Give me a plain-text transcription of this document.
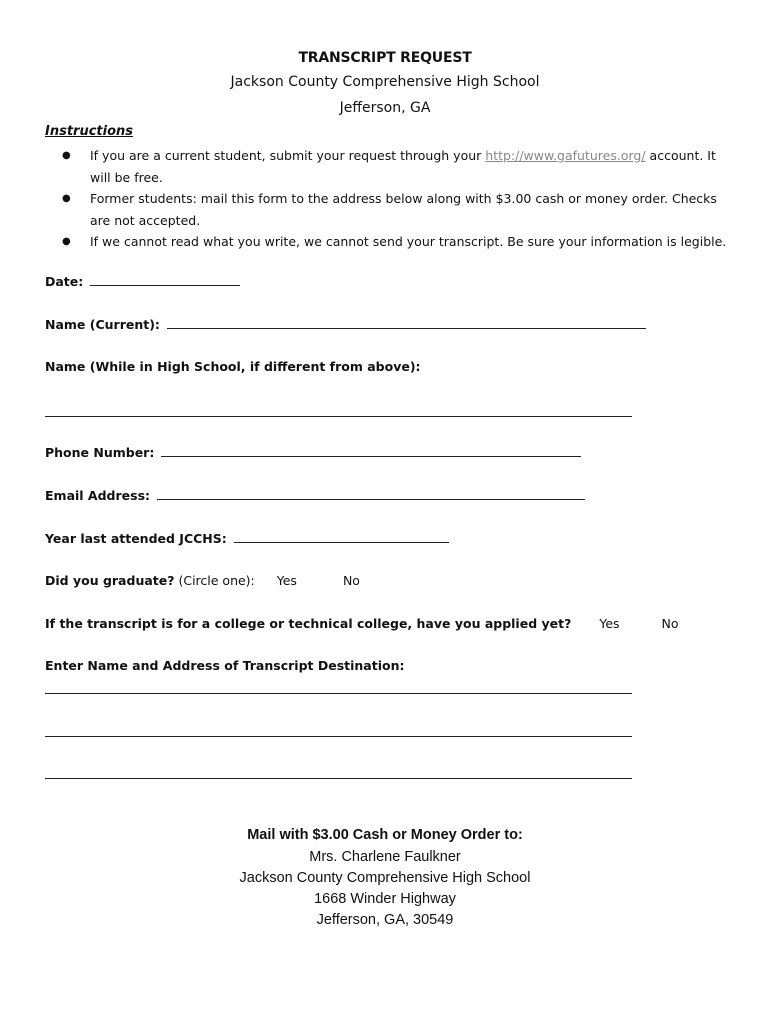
TRANSCRIPT REQUEST
Jackson County Comprehensive High School
Jefferson, GA
Instructions
● If you are a current student, submit your request through your http://www.gafutures.org/ account. It
will be free.
● Former students: mail this form to the address below along with $3.00 cash or money order. Checks
are not accepted.
● If we cannot read what you write, we cannot send your transcript. Be sure your information is legible.
Date:
Name (Current):
Name (While in High School, if different from above):
Phone Number:
Email Address:
Year last attended JCCHS:
Did you graduate? (Circle one): Yes	No
If the transcript is for a college or technical college, have you applied yet? Yes	No
Enter Name and Address of Transcript Destination:
Mail with $3.00 Cash or Money Order to:
Mrs. Charlene Faulkner
Jackson County Comprehensive High School
1668 Winder Highway
Jefferson, GA, 30549
